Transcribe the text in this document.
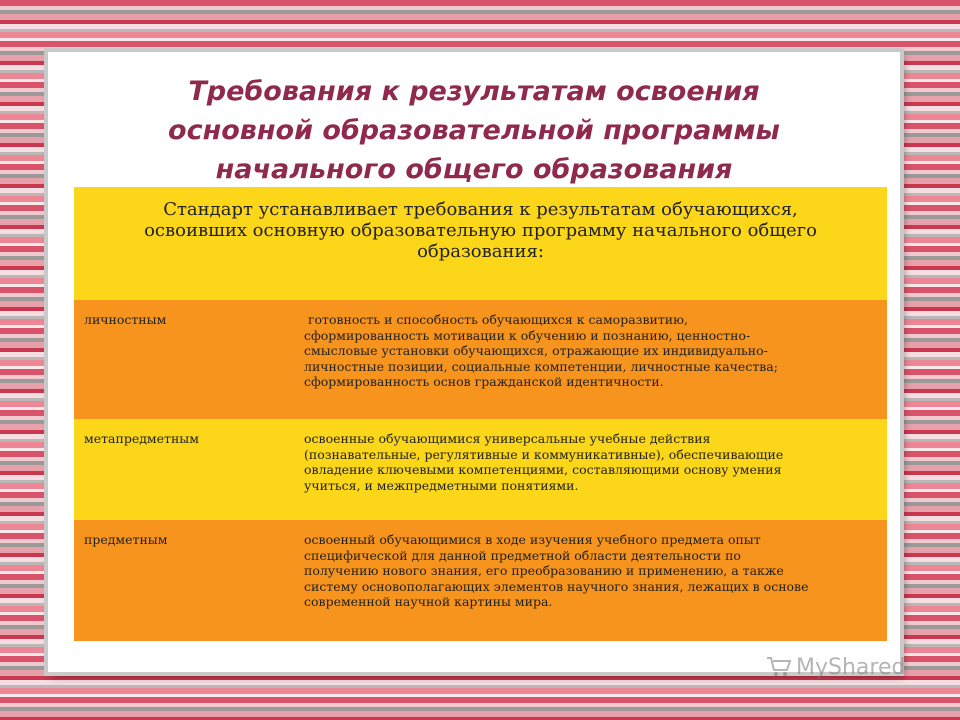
Требования к результатам освоения
основной образовательной программы
начального общего образования
Стандарт устанавливает требования к результатам обучающихся,
освоивших основную образовательную программу начального общего
образования:
личностным	готовность и способность обучающихся к саморазвитию,
сформированность мотивации к обучению и познанию, ценностно-
смысловые установки обучающихся, отражающие их индивидуально-
личностные позиции, социальные компетенции, личностные качества;
сформированность основ гражданской идентичности.
метапредметным	освоенные обучающимися универсальные учебные действия
(познавательные, регулятивные и коммуникативные), обеспечивающие
овладение ключевыми компетенциями, составляющими основу умения
учиться, и межпредметными понятиями.
предметным	освоенный обучающимися в ходе изучения учебного предмета опыт
специфической для данной предметной области деятельности по
получению нового знания, его преобразованию и применению, а также
систему основополагающих элементов научного знания, лежащих в основе
современной научной картины мира.
MyShared
